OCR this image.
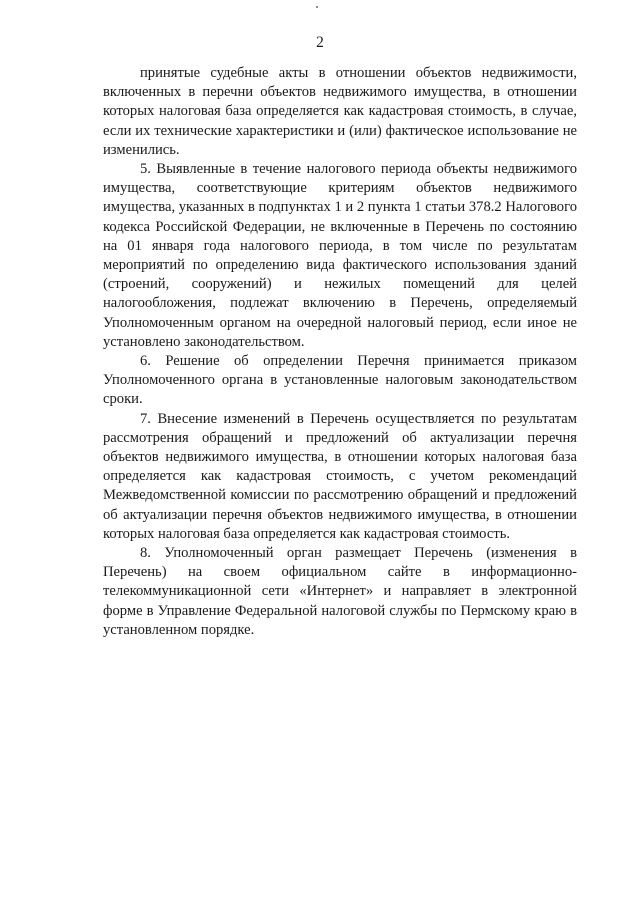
2

принятые судебные акты в отношении объектов недвижимости, включенных в перечни объектов недвижимого имущества, в отношении которых налоговая база определяется как кадастровая стоимость, в случае, если их технические характеристики и (или) фактическое использование не изменились.

5. Выявленные в течение налогового периода объекты недвижимого имущества, соответствующие критериям объектов недвижимого имущества, указанных в подпунктах 1 и 2 пункта 1 статьи 378.2 Налогового кодекса Российской Федерации, не включенные в Перечень по состоянию на 01 января года налогового периода, в том числе по результатам мероприятий по определению вида фактического использования зданий (строений, сооружений) и нежилых помещений для целей налогообложения, подлежат включению в Перечень, определяемый Уполномоченным органом на очередной налоговый период, если иное не установлено законодательством.

6. Решение об определении Перечня принимается приказом Уполномоченного органа в установленные налоговым законодательством сроки.

7. Внесение изменений в Перечень осуществляется по результатам рассмотрения обращений и предложений об актуализации перечня объектов недвижимого имущества, в отношении которых налоговая база определяется как кадастровая стоимость, с учетом рекомендаций Межведомственной комиссии по рассмотрению обращений и предложений об актуализации перечня объектов недвижимого имущества, в отношении которых налоговая база определяется как кадастровая стоимость.

8. Уполномоченный орган размещает Перечень (изменения в Перечень) на своем официальном сайте в информационно-телекоммуникационной сети «Интернет» и направляет в электронной форме в Управление Федеральной налоговой службы по Пермскому краю в установленном порядке.
